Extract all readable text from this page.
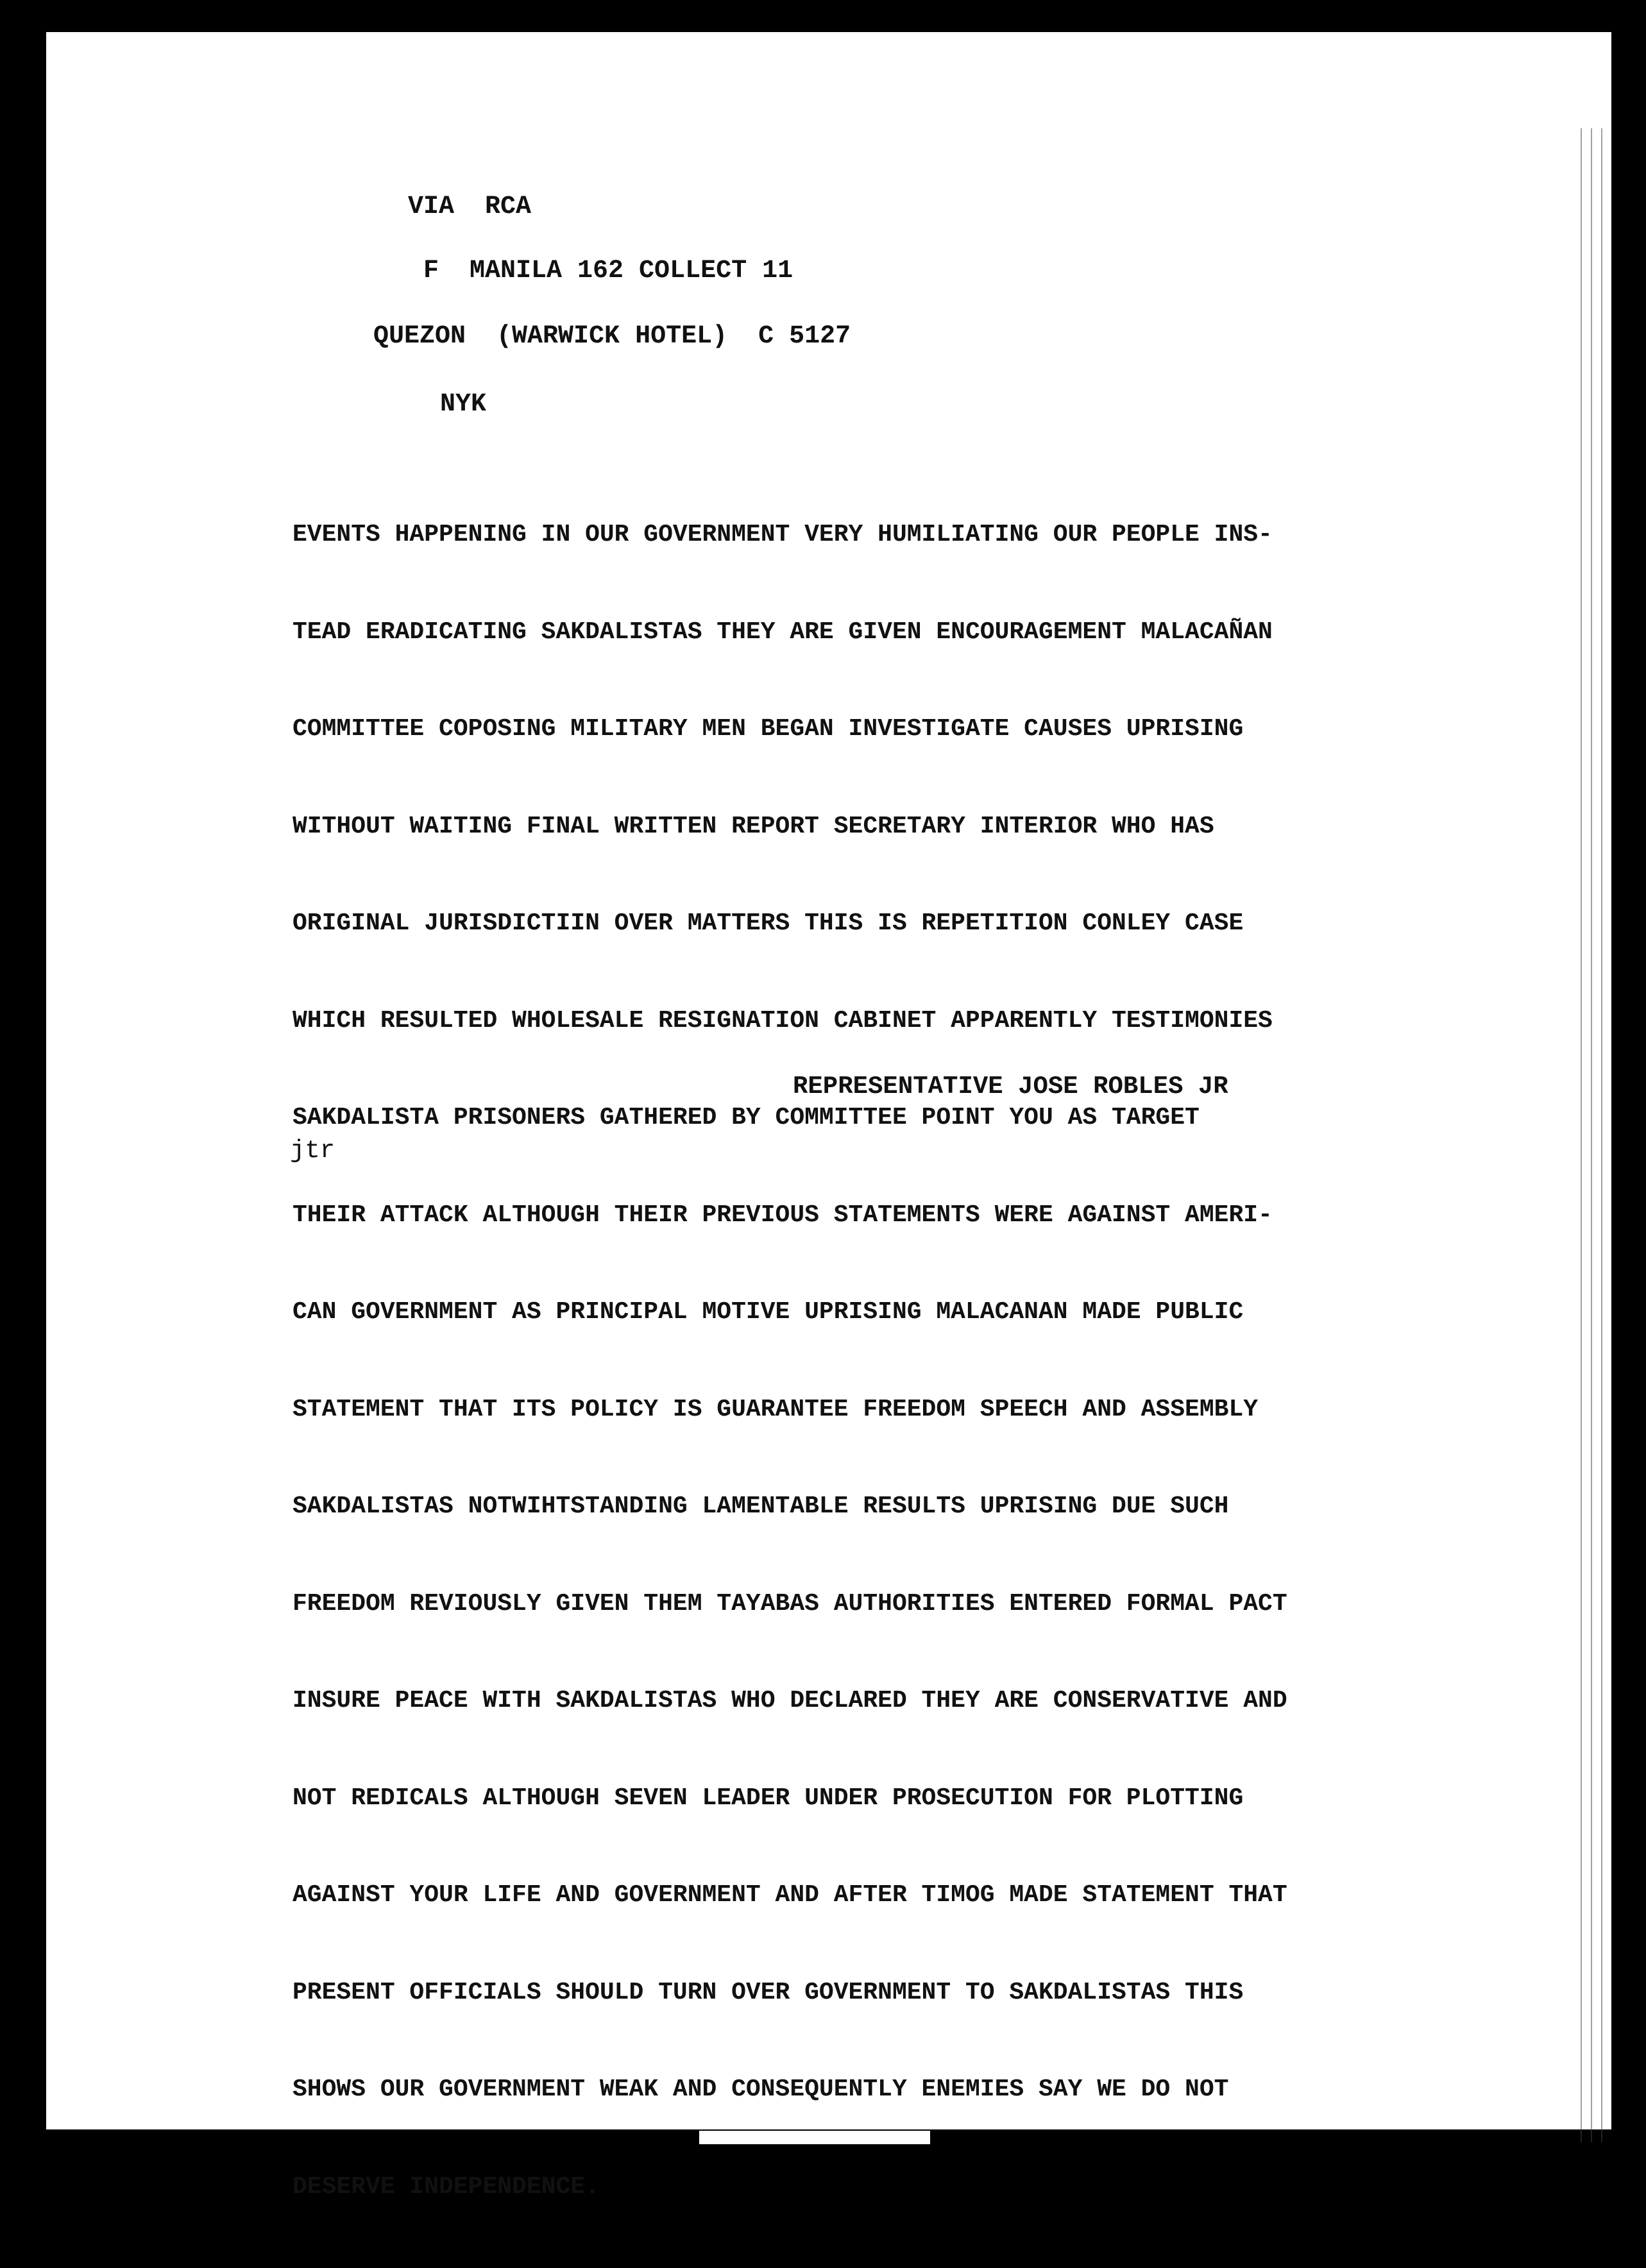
VIA  RCA

F  MANILA 162 COLLECT 11

QUEZON  (WARWICK HOTEL)  C 5127

NYK

EVENTS HAPPENING IN OUR GOVERNMENT VERY HUMILIATING OUR PEOPLE INS-

TEAD ERADICATING SAKDALISTAS THEY ARE GIVEN ENCOURAGEMENT MALACAÑAN

COMMITTEE COPOSING MILITARY MEN BEGAN INVESTIGATE CAUSES UPRISING

WITHOUT WAITING FINAL WRITTEN REPORT SECRETARY INTERIOR WHO HAS

ORIGINAL JURISDICTIIN OVER MATTERS THIS IS REPETITION CONLEY CASE

WHICH RESULTED WHOLESALE RESIGNATION CABINET APPARENTLY TESTIMONIES

SAKDALISTA PRISONERS GATHERED BY COMMITTEE POINT YOU AS TARGET

THEIR ATTACK ALTHOUGH THEIR PREVIOUS STATEMENTS WERE AGAINST AMERI-

CAN GOVERNMENT AS PRINCIPAL MOTIVE UPRISING MALACANAN MADE PUBLIC

STATEMENT THAT ITS POLICY IS GUARANTEE FREEDOM SPEECH AND ASSEMBLY

SAKDALISTAS NOTWIHTSTANDING LAMENTABLE RESULTS UPRISING DUE SUCH

FREEDOM REVIOUSLY GIVEN THEM TAYABAS AUTHORITIES ENTERED FORMAL PACT

INSURE PEACE WITH SAKDALISTAS WHO DECLARED THEY ARE CONSERVATIVE AND

NOT REDICALS ALTHOUGH SEVEN LEADER UNDER PROSECUTION FOR PLOTTING

AGAINST YOUR LIFE AND GOVERNMENT AND AFTER TIMOG MADE STATEMENT THAT

PRESENT OFFICIALS SHOULD TURN OVER GOVERNMENT TO SAKDALISTAS THIS

SHOWS OUR GOVERNMENT WEAK AND CONSEQUENTLY ENEMIES SAY WE DO NOT

DESERVE INDEPENDENCE.

REPRESENTATIVE JOSE ROBLES JR

jtr
